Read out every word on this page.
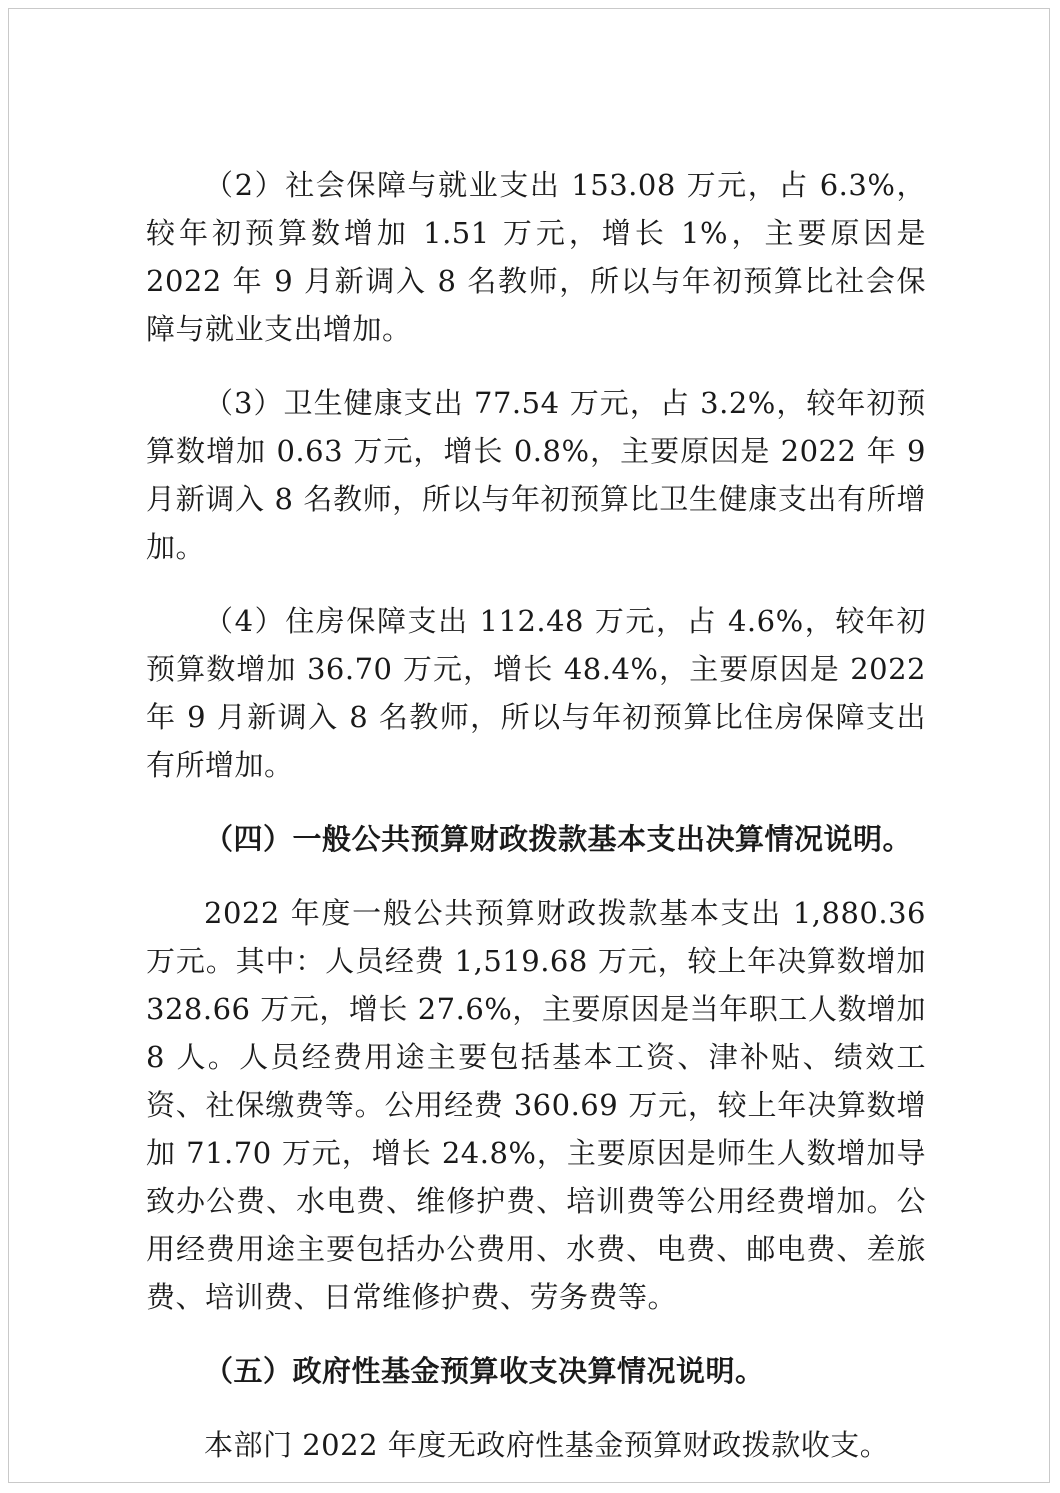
（2）社会保障与就业支出 153.08 万元，占 6.3%，较年初预算数增加 1.51 万元，增长 1%，主要原因是 2022 年 9 月新调入 8 名教师，所以与年初预算比社会保障与就业支出增加。

（3）卫生健康支出 77.54 万元，占 3.2%，较年初预算数增加 0.63 万元，增长 0.8%，主要原因是 2022 年 9 月新调入 8 名教师，所以与年初预算比卫生健康支出有所增加。

（4）住房保障支出 112.48 万元，占 4.6%，较年初预算数增加 36.70 万元，增长 48.4%，主要原因是 2022 年 9 月新调入 8 名教师，所以与年初预算比住房保障支出有所增加。

（四）一般公共预算财政拨款基本支出决算情况说明。

2022 年度一般公共预算财政拨款基本支出 1,880.36 万元。其中：人员经费 1,519.68 万元，较上年决算数增加 328.66 万元，增长 27.6%，主要原因是当年职工人数增加 8 人。人员经费用途主要包括基本工资、津补贴、绩效工资、社保缴费等。公用经费 360.69 万元，较上年决算数增加 71.70 万元，增长 24.8%，主要原因是师生人数增加导致办公费、水电费、维修护费、培训费等公用经费增加。公用经费用途主要包括办公费用、水费、电费、邮电费、差旅费、培训费、日常维修护费、劳务费等。

（五）政府性基金预算收支决算情况说明。

本部门 2022 年度无政府性基金预算财政拨款收支。
